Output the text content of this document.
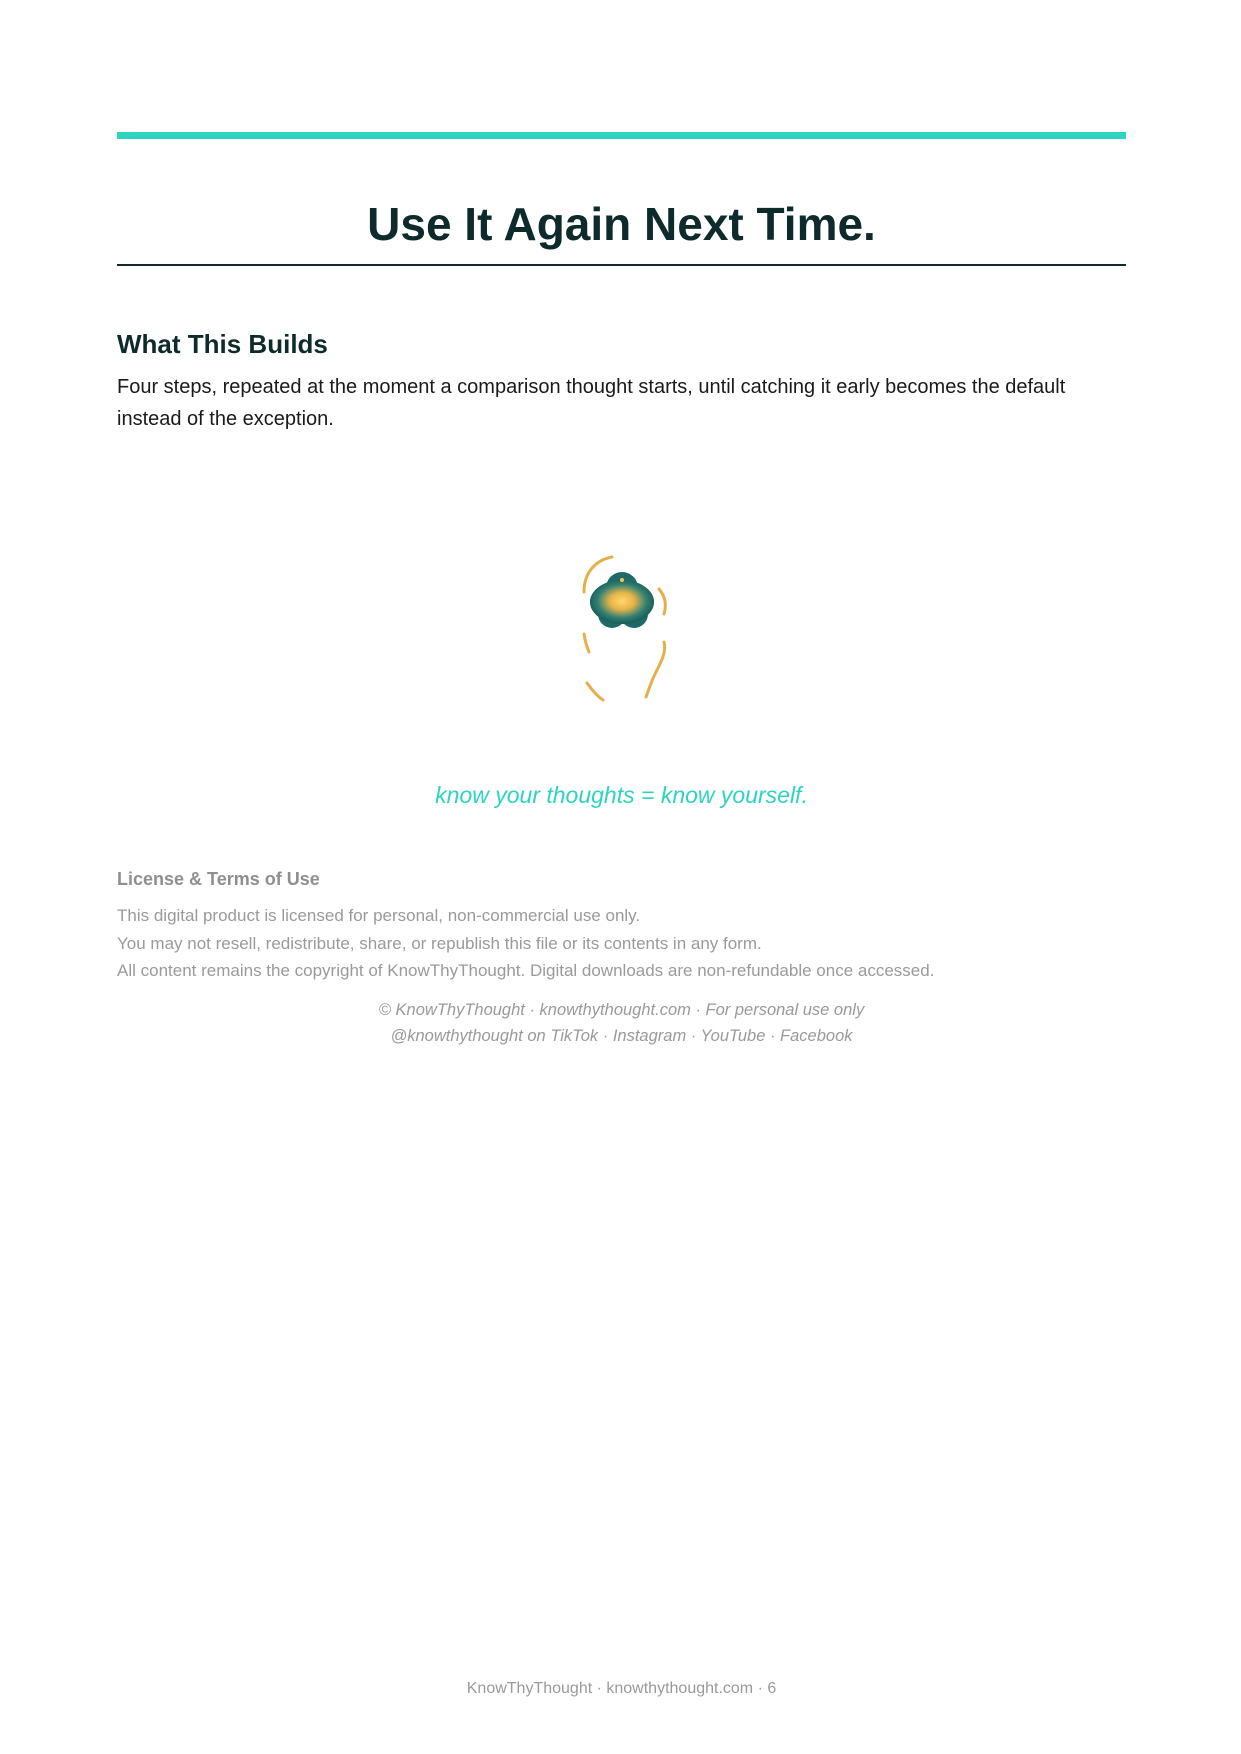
Use It Again Next Time.
What This Builds

Four steps, repeated at the moment a comparison thought starts, until catching it early becomes the default instead of the exception.

know your thoughts = know yourself.

License & Terms of Use
This digital product is licensed for personal, non-commercial use only.
You may not resell, redistribute, share, or republish this file or its contents in any form.
All content remains the copyright of KnowThyThought. Digital downloads are non-refundable once accessed.
© KnowThyThought · knowthythought.com · For personal use only
@knowthythought on TikTok · Instagram · YouTube · Facebook
KnowThyThought · knowthythought.com · 6
